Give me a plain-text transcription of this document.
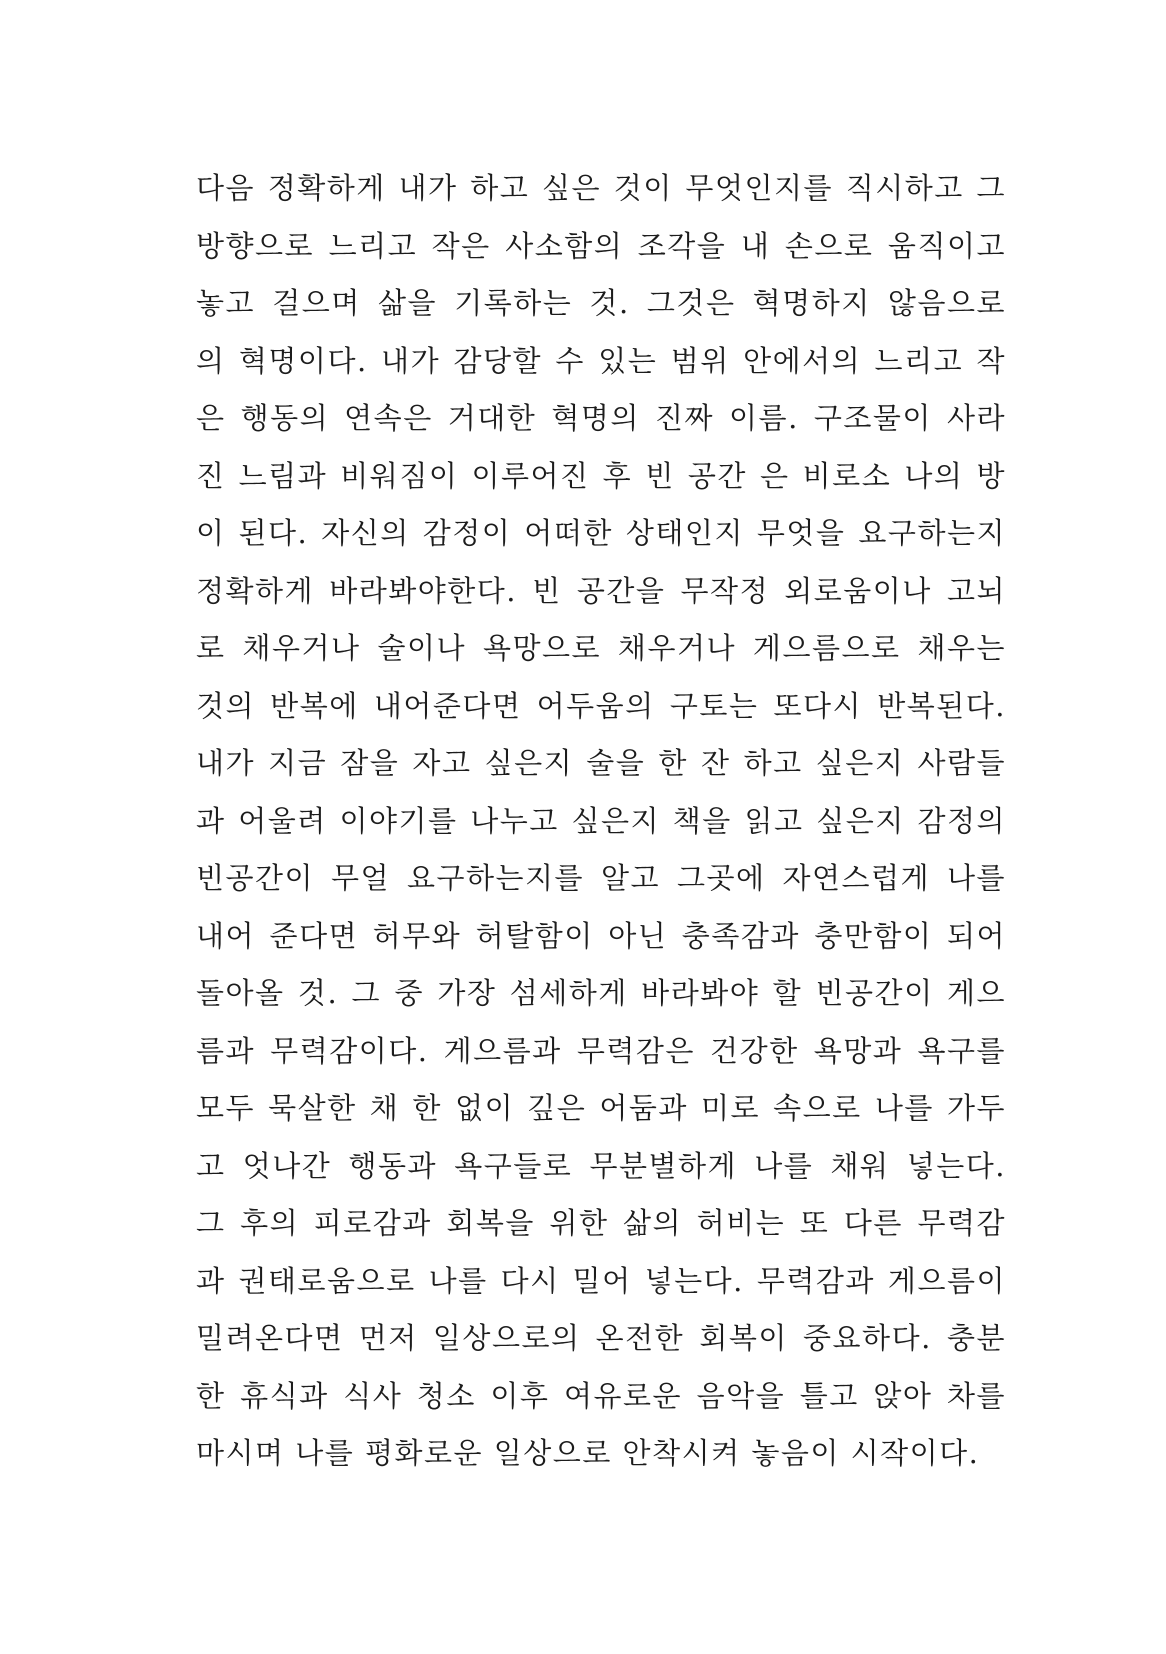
다음 정확하게 내가 하고 싶은 것이 무엇인지를 직시하고 그
방향으로 느리고 작은 사소함의 조각을 내 손으로 움직이고
놓고 걸으며 삶을 기록하는 것. 그것은 혁명하지 않음으로
의 혁명이다. 내가 감당할 수 있는 범위 안에서의 느리고 작
은 행동의 연속은 거대한 혁명의 진짜 이름. 구조물이 사라
진 느림과 비워짐이 이루어진 후 빈 공간 은 비로소 나의 방
이 된다. 자신의 감정이 어떠한 상태인지 무엇을 요구하는지
정확하게 바라봐야한다. 빈 공간을 무작정 외로움이나 고뇌
로 채우거나 술이나 욕망으로 채우거나 게으름으로 채우는
것의 반복에 내어준다면 어두움의 구토는 또다시 반복된다.
내가 지금 잠을 자고 싶은지 술을 한 잔 하고 싶은지 사람들
과 어울려 이야기를 나누고 싶은지 책을 읽고 싶은지 감정의
빈공간이 무얼 요구하는지를 알고 그곳에 자연스럽게 나를
내어 준다면 허무와 허탈함이 아닌 충족감과 충만함이 되어
돌아올 것. 그 중 가장 섬세하게 바라봐야 할 빈공간이 게으
름과 무력감이다. 게으름과 무력감은 건강한 욕망과 욕구를
모두 묵살한 채 한 없이 깊은 어둠과 미로 속으로 나를 가두
고 엇나간 행동과 욕구들로 무분별하게 나를 채워 넣는다.
그 후의 피로감과 회복을 위한 삶의 허비는 또 다른 무력감
과 권태로움으로 나를 다시 밀어 넣는다. 무력감과 게으름이
밀려온다면 먼저 일상으로의 온전한 회복이 중요하다. 충분
한 휴식과 식사 청소 이후 여유로운 음악을 틀고 앉아 차를
마시며 나를 평화로운 일상으로 안착시켜 놓음이 시작이다.
